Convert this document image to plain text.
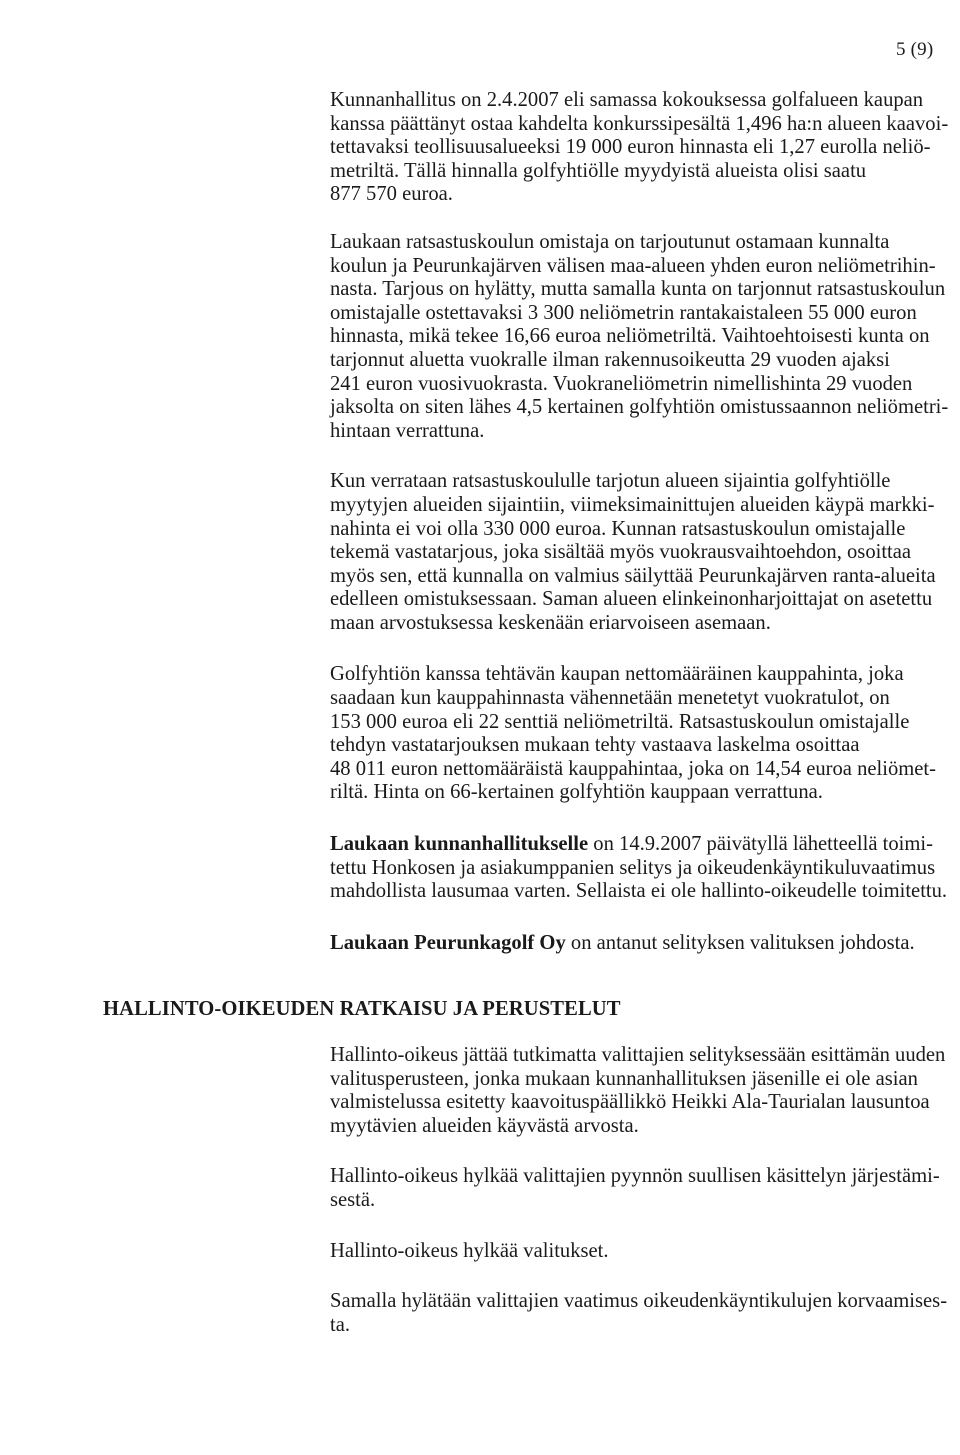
5 (9)

Kunnanhallitus on 2.4.2007 eli samassa kokouksessa golfalueen kaupan
kanssa päättänyt ostaa kahdelta konkurssipesältä 1,496 ha:n alueen kaavoi-
tettavaksi teollisuusalueeksi 19 000 euron hinnasta eli 1,27 eurolla neliö-
metriltä. Tällä hinnalla golfyhtiölle myydyistä alueista olisi saatu
877 570 euroa.

Laukaan ratsastuskoulun omistaja on tarjoutunut ostamaan kunnalta
koulun ja Peurunkajärven välisen maa-alueen yhden euron neliömetrihin-
nasta. Tarjous on hylätty, mutta samalla kunta on tarjonnut ratsastuskoulun
omistajalle ostettavaksi 3 300 neliömetrin rantakaistaleen 55 000 euron
hinnasta, mikä tekee 16,66 euroa neliömetriltä. Vaihtoehtoisesti kunta on
tarjonnut aluetta vuokralle ilman rakennusoikeutta 29 vuoden ajaksi
241 euron vuosivuokrasta. Vuokraneliömetrin nimellishinta 29 vuoden
jaksolta on siten lähes 4,5 kertainen golfyhtiön omistussaannon neliömetri-
hintaan verrattuna.

Kun verrataan ratsastuskoululle tarjotun alueen sijaintia golfyhtiölle
myytyjen alueiden sijaintiin, viimeksimainittujen alueiden käypä markki-
nahinta ei voi olla 330 000 euroa. Kunnan ratsastuskoulun omistajalle
tekemä vastatarjous, joka sisältää myös vuokrausvaihtoehdon, osoittaa
myös sen, että kunnalla on valmius säilyttää Peurunkajärven ranta-alueita
edelleen omistuksessaan. Saman alueen elinkeinonharjoittajat on asetettu
maan arvostuksessa keskenään eriarvoiseen asemaan.

Golfyhtiön kanssa tehtävän kaupan nettomääräinen kauppahinta, joka
saadaan kun kauppahinnasta vähennetään menetetyt vuokratulot, on
153 000 euroa eli 22 senttiä neliömetriltä. Ratsastuskoulun omistajalle
tehdyn vastatarjouksen mukaan tehty vastaava laskelma osoittaa
48 011 euron nettomääräistä kauppahintaa, joka on 14,54 euroa neliömet-
riltä. Hinta on 66-kertainen golfyhtiön kauppaan verrattuna.

Laukaan kunnanhallitukselle on 14.9.2007 päivätyllä lähetteellä toimi-
tettu Honkosen ja asiakumppanien selitys ja oikeudenkäyntikuluvaatimus
mahdollista lausumaa varten. Sellaista ei ole hallinto-oikeudelle toimitettu.

Laukaan Peurunkagolf Oy on antanut selityksen valituksen johdosta.

HALLINTO-OIKEUDEN RATKAISU JA PERUSTELUT

Hallinto-oikeus jättää tutkimatta valittajien selityksessään esittämän uuden
valitusperusteen, jonka mukaan kunnanhallituksen jäsenille ei ole asian
valmistelussa esitetty kaavoituspäällikkö Heikki Ala-Taurialan lausuntoa
myytävien alueiden käyvästä arvosta.

Hallinto-oikeus hylkää valittajien pyynnön suullisen käsittelyn järjestämi-
sestä.

Hallinto-oikeus hylkää valitukset.

Samalla hylätään valittajien vaatimus oikeudenkäyntikulujen korvaamises-
ta.
